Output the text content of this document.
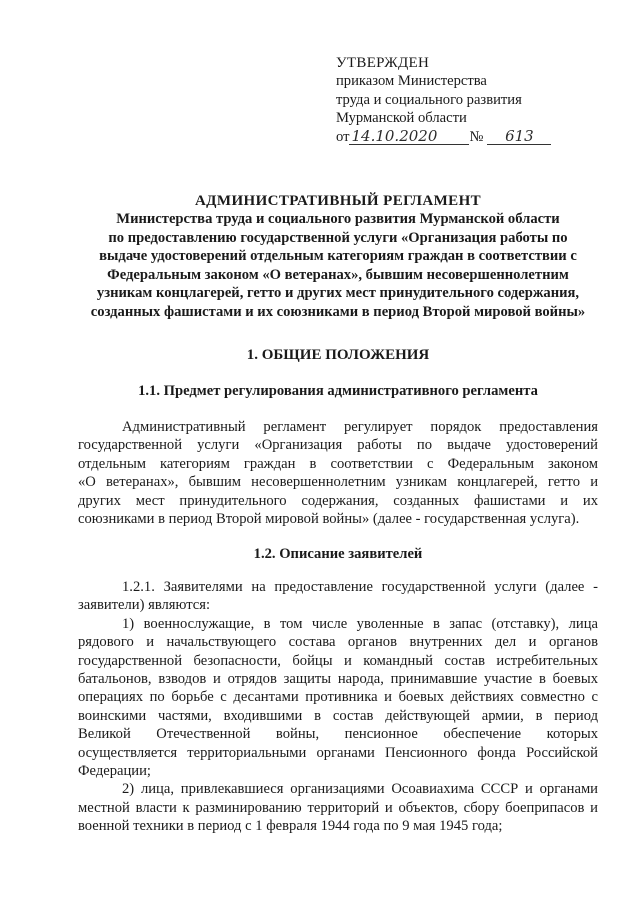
УТВЕРЖДЕН
приказом Министерства
труда и социального развития
Мурманской области
от 14.10.2020 № 613
АДМИНИСТРАТИВНЫЙ РЕГЛАМЕНТ
Министерства труда и социального развития Мурманской области
по предоставлению государственной услуги «Организация работы по
выдаче удостоверений отдельным категориям граждан в соответствии с
Федеральным законом «О ветеранах», бывшим несовершеннолетним
узникам концлагерей, гетто и других мест принудительного содержания,
созданных фашистами и их союзниками в период Второй мировой войны»
1. ОБЩИЕ ПОЛОЖЕНИЯ
1.1. Предмет регулирования административного регламента

Административный регламент регулирует порядок предоставления

государственной услуги «Организация работы по выдаче удостоверений

отдельным категориям граждан в соответствии с Федеральным законом

«О ветеранах», бывшим несовершеннолетним узникам концлагерей, гетто и

других мест принудительного содержания, созданных фашистами и их

союзниками в период Второй мировой войны» (далее - государственная услуга).

1.2. Описание заявителей

1.2.1. Заявителями на предоставление государственной услуги (далее -

заявители) являются:

1) военнослужащие, в том числе уволенные в запас (отставку), лица

рядового и начальствующего состава органов внутренних дел и органов

государственной безопасности, бойцы и командный состав истребительных

батальонов, взводов и отрядов защиты народа, принимавшие участие в боевых

операциях по борьбе с десантами противника и боевых действиях совместно с

воинскими частями, входившими в состав действующей армии, в период

Великой Отечественной войны, пенсионное обеспечение которых

осуществляется территориальными органами Пенсионного фонда Российской

Федерации;

2) лица, привлекавшиеся организациями Осоавиахима СССР и органами

местной власти к разминированию территорий и объектов, сбору боеприпасов и

военной техники в период с 1 февраля 1944 года по 9 мая 1945 года;
